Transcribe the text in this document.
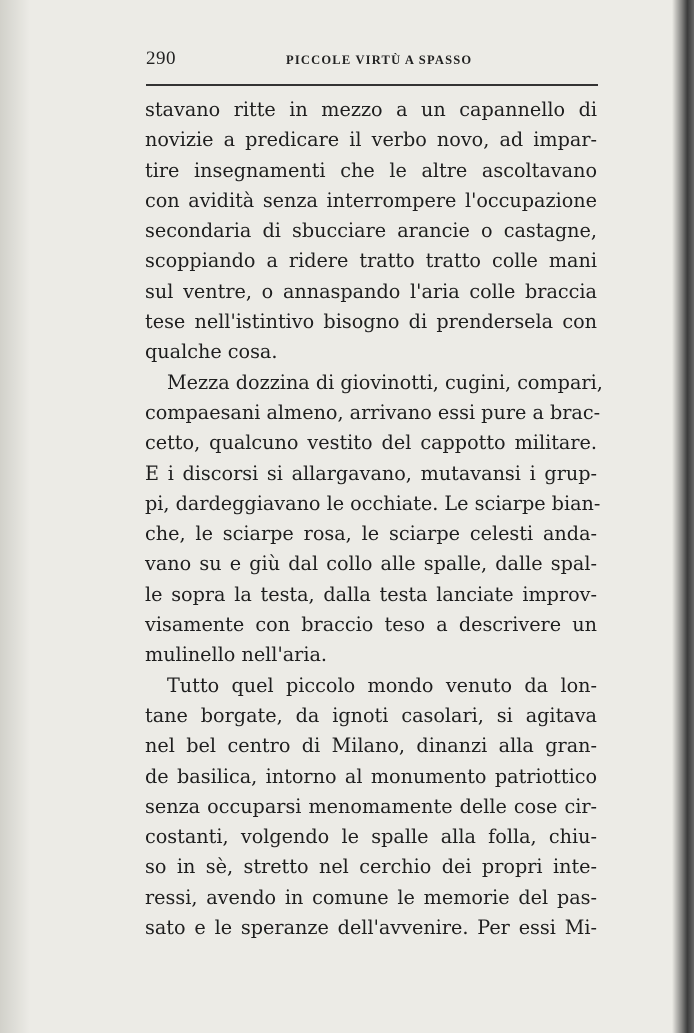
290	PICCOLE VIRTÙ A SPASSO
stavano ritte in mezzo a un capannello di
novizie a predicare il verbo novo, ad impar-
tire insegnamenti che le altre ascoltavano
con avidità senza interrompere l'occupazione
secondaria di sbucciare arancie o castagne,
scoppiando a ridere tratto tratto colle mani
sul ventre, o annaspando l'aria colle braccia
tese nell'istintivo bisogno di prendersela con
qualche cosa.
Mezza dozzina di giovinotti, cugini, compari,
compaesani almeno, arrivano essi pure a brac-
cetto, qualcuno vestito del cappotto militare.
E i discorsi si allargavano, mutavansi i grup-
pi, dardeggiavano le occhiate. Le sciarpe bian-
che, le sciarpe rosa, le sciarpe celesti anda-
vano su e giù dal collo alle spalle, dalle spal-
le sopra la testa, dalla testa lanciate improv-
visamente con braccio teso a descrivere un
mulinello nell'aria.
Tutto quel piccolo mondo venuto da lon-
tane borgate, da ignoti casolari, si agitava
nel bel centro di Milano, dinanzi alla gran-
de basilica, intorno al monumento patriottico
senza occuparsi menomamente delle cose cir-
costanti, volgendo le spalle alla folla, chiu-
so in sè, stretto nel cerchio dei propri inte-
ressi, avendo in comune le memorie del pas-
sato e le speranze dell'avvenire. Per essi Mi-
